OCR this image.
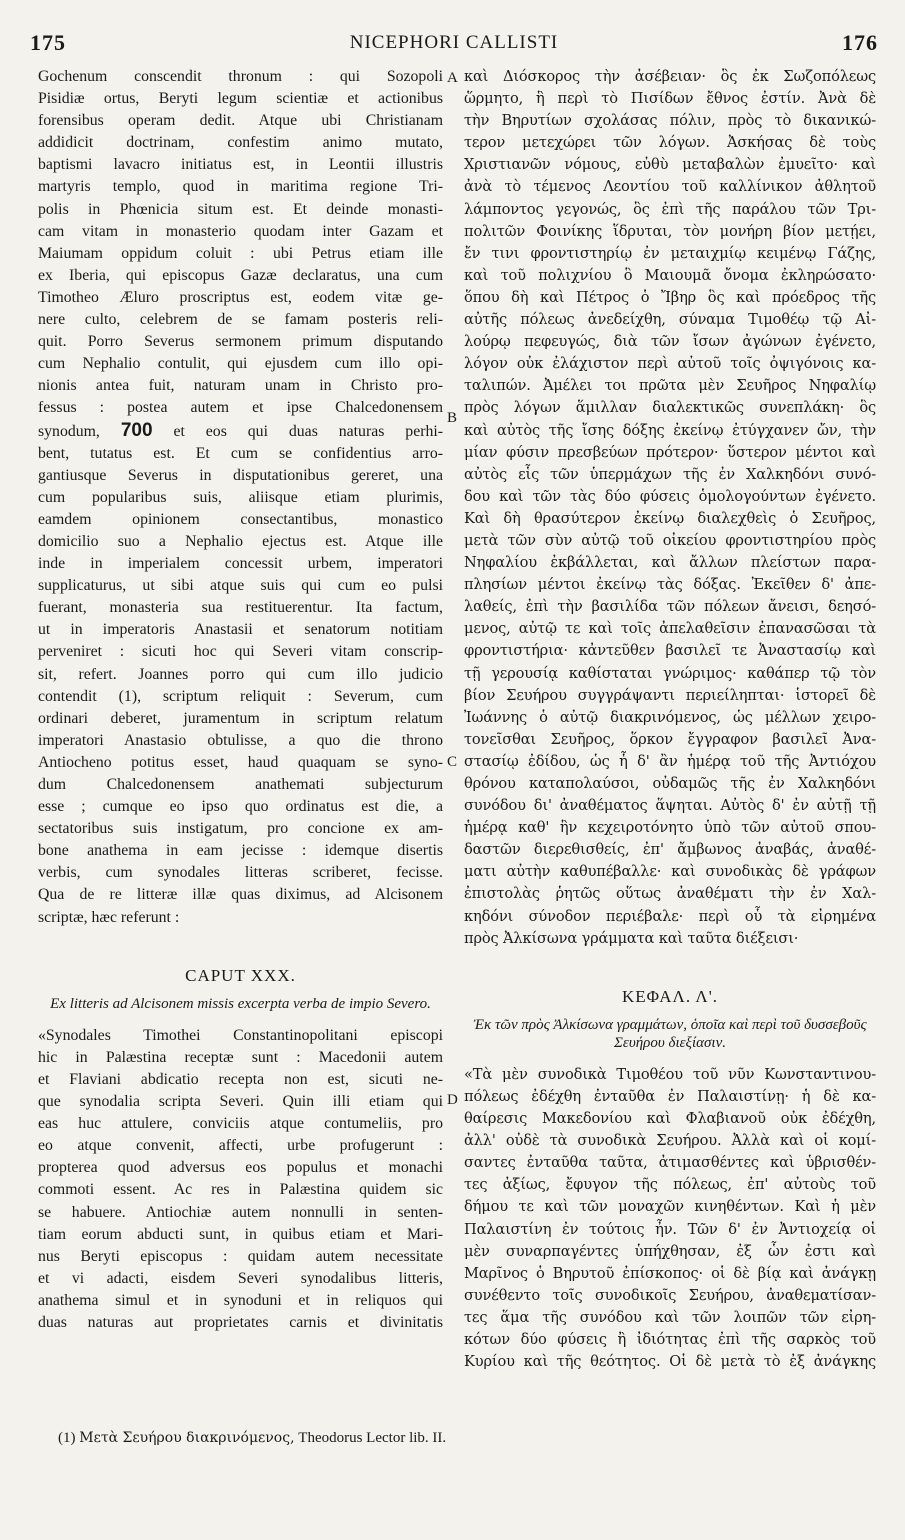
175	NICEPHORI CALLISTI	176

Gochenum conscendit thronum : qui Sozopoli

Pisidiæ ortus, Beryti legum scientiæ et actionibus

forensibus operam dedit. Atque ubi Christianam

addidicit doctrinam, confestim animo mutato,

baptismi lavacro initiatus est, in Leontii illustris

martyris templo, quod in maritima regione Tri-

polis in Phœnicia situm est. Et deinde monasti-

cam vitam in monasterio quodam inter Gazam et

Maiumam oppidum coluit : ubi Petrus etiam ille

ex Iberia, qui episcopus Gazæ declaratus, una cum

Timotheo Æluro proscriptus est, eodem vitæ ge-

nere culto, celebrem de se famam posteris reli-

quit. Porro Severus sermonem primum disputando

cum Nephalio contulit, qui ejusdem cum illo opi-

nionis antea fuit, naturam unam in Christo pro-

fessus : postea autem et ipse Chalcedonensem

synodum, 700 et eos qui duas naturas perhi-

bent, tutatus est. Et cum se confidentius arro-

gantiusque Severus in disputationibus gereret, una

cum popularibus suis, aliisque etiam plurimis,

eamdem opinionem consectantibus, monastico

domicilio suo a Nephalio ejectus est. Atque ille

inde in imperialem concessit urbem, imperatori

supplicaturus, ut sibi atque suis qui cum eo pulsi

fuerant, monasteria sua restituerentur. Ita factum,

ut in imperatoris Anastasii et senatorum notitiam

perveniret : sicuti hoc qui Severi vitam conscrip-

sit, refert. Joannes porro qui cum illo judicio

contendit (1), scriptum reliquit : Severum, cum

ordinari deberet, juramentum in scriptum relatum

imperatori Anastasio obtulisse, a quo die throno

Antiocheno potitus esset, haud quaquam se syno-

dum Chalcedonensem anathemati subjecturum

esse ; cumque eo ipso quo ordinatus est die, a

sectatoribus suis instigatum, pro concione ex am-

bone anathema in eam jecisse : idemque disertis

verbis, cum synodales litteras scriberet, fecisse.

Qua de re litteræ illæ quas diximus, ad Alcisonem

scriptæ, hæc referunt :

CAPUT XXX.
Ex litteris ad Alcisonem missis excerpta verba de impio Severo.

«Synodales Timothei Constantinopolitani episcopi

hic in Palæstina receptæ sunt : Macedonii autem

et Flaviani abdicatio recepta non est, sicuti ne-

que synodalia scripta Severi. Quin illi etiam qui

eas huc attulere, conviciis atque contumeliis, pro

eo atque convenit, affecti, urbe profugerunt :

propterea quod adversus eos populus et monachi

commoti essent. Ac res in Palæstina quidem sic

se habuere. Antiochiæ autem nonnulli in senten-

tiam eorum abducti sunt, in quibus etiam et Mari-

nus Beryti episcopus : quidam autem necessitate

et vi adacti, eisdem Severi synodalibus litteris,

anathema simul et in synoduni et in reliquos qui

duas naturas aut proprietates carnis et divinitatis

καὶ Διόσκορος τὴν ἀσέβειαν· ὃς ἐκ Σωζοπόλεως

ὥρμητο, ἣ περὶ τὸ Πισίδων ἔθνος ἐστίν. Ἀνὰ δὲ

τὴν Βηρυτίων σχολάσας πόλιν, πρὸς τὸ δικανικώ-

τερον μετεχώρει τῶν λόγων. Ἀσκήσας δὲ τοὺς

Χριστιανῶν νόμους, εὐθὺ μεταβαλὼν ἐμυεῖτο· καὶ

ἀνὰ τὸ τέμενος Λεοντίου τοῦ καλλίνικον ἀθλητοῦ

λάμποντος γεγονώς, ὃς ἐπὶ τῆς παράλου τῶν Τρι-

πολιτῶν Φοινίκης ἵδρυται, τὸν μονήρη βίον μετῄει,

ἔν τινι φροντιστηρίῳ ἐν μεταιχμίῳ κειμένῳ Γάζης,

καὶ τοῦ πολιχνίου ὃ Μαιουμᾶ ὄνομα ἐκληρώσατο·

ὅπου δὴ καὶ Πέτρος ὁ Ἴβηρ ὃς καὶ πρόεδρος τῆς

αὐτῆς πόλεως ἀνεδείχθη, σύναμα Τιμοθέῳ τῷ Αἰ-

λούρῳ πεφευγώς, διὰ τῶν ἴσων ἀγώνων ἐγένετο,

λόγον οὐκ ἐλάχιστον περὶ αὐτοῦ τοῖς ὀψιγόνοις κα-

ταλιπών. Ἀμέλει τοι πρῶτα μὲν Σευῆρος Νηφαλίῳ

πρὸς λόγων ἅμιλλαν διαλεκτικῶς συνεπλάκη· ὃς

καὶ αὐτὸς τῆς ἴσης δόξης ἐκείνῳ ἐτύγχανεν ὤν, τὴν

μίαν φύσιν πρεσβεύων πρότερον· ὕστερον μέντοι καὶ

αὐτὸς εἷς τῶν ὑπερμάχων τῆς ἐν Χαλκηδόνι συνό-

δου καὶ τῶν τὰς δύο φύσεις ὁμολογούντων ἐγένετο.

Καὶ δὴ θρασύτερον ἐκείνῳ διαλεχθεὶς ὁ Σευῆρος,

μετὰ τῶν σὺν αὐτῷ τοῦ οἰκείου φροντιστηρίου πρὸς

Νηφαλίου ἐκβάλλεται, καὶ ἄλλων πλείστων παρα-

πλησίων μέντοι ἐκείνῳ τὰς δόξας. Ἐκεῖθεν δ' ἀπε-

λαθείς, ἐπὶ τὴν βασιλίδα τῶν πόλεων ἄνεισι, δεησό-

μενος, αὐτῷ τε καὶ τοῖς ἀπελαθεῖσιν ἐπανασῶσαι τὰ

φροντιστήρια· κἀντεῦθεν βασιλεῖ τε Ἀναστασίῳ καὶ

τῇ γερουσίᾳ καθίσταται γνώριμος· καθάπερ τῷ τὸν

βίον Σευήρου συγγράψαντι περιείληπται· ἱστορεῖ δὲ

Ἰωάννης ὁ αὐτῷ διακρινόμενος, ὡς μέλλων χειρο-

τονεῖσθαι Σευῆρος, ὅρκον ἔγγραφον βασιλεῖ Ἀνα-

στασίῳ ἐδίδου, ὡς ἧ δ' ἂν ἡμέρᾳ τοῦ τῆς Ἀντιόχου

θρόνου καταπολαύσοι, οὐδαμῶς τῆς ἐν Χαλκηδόνι

συνόδου δι' ἀναθέματος ἅψηται. Αὐτὸς δ' ἐν αὐτῇ τῇ

ἡμέρᾳ καθ' ἣν κεχειροτόνητο ὑπὸ τῶν αὐτοῦ σπου-

δαστῶν διερεθισθείς, ἐπ' ἄμβωνος ἀναβάς, ἀναθέ-

ματι αὐτὴν καθυπέβαλλε· καὶ συνοδικὰς δὲ γράφων

ἐπιστολὰς ῥητῶς οὕτως ἀναθέματι τὴν ἐν Χαλ-

κηδόνι σύνοδον περιέβαλε· περὶ οὗ τὰ εἰρημένα

πρὸς Ἀλκίσωνα γράμματα καὶ ταῦτα διέξεισι·

ΚΕΦΑΛ. Λ'.
Ἐκ τῶν πρὸς Ἀλκίσωνα γραμμάτων, ὁποῖα καὶ περὶ τοῦ δυσσεβοῦς Σευήρου διεξίασιν.

«Τὰ μὲν συνοδικὰ Τιμοθέου τοῦ νῦν Κωνσταντινου-

πόλεως ἐδέχθη ἐνταῦθα ἐν Παλαιστίνῃ· ἡ δὲ κα-

θαίρεσις Μακεδονίου καὶ Φλαβιανοῦ οὐκ ἐδέχθη,

ἀλλ' οὐδὲ τὰ συνοδικὰ Σευήρου. Ἀλλὰ καὶ οἱ κομί-

σαντες ἐνταῦθα ταῦτα, ἀτιμασθέντες καὶ ὑβρισθέν-

τες ἀξίως, ἔφυγον τῆς πόλεως, ἐπ' αὐτοὺς τοῦ

δήμου τε καὶ τῶν μοναχῶν κινηθέντων. Καὶ ἡ μὲν

Παλαιστίνη ἐν τούτοις ἦν. Τῶν δ' ἐν Ἀντιοχείᾳ οἱ

μὲν συναρπαγέντες ὑπήχθησαν, ἐξ ὧν ἐστι καὶ

Μαρῖνος ὁ Βηρυτοῦ ἐπίσκοπος· οἱ δὲ βίᾳ καὶ ἀνάγκῃ

συνέθεντο τοῖς συνοδικοῖς Σευήρου, ἀναθεματίσαν-

τες ἅμα τῆς συνόδου καὶ τῶν λοιπῶν τῶν εἰρη-

κότων δύο φύσεις ἢ ἰδιότητας ἐπὶ τῆς σαρκὸς τοῦ

Κυρίου καὶ τῆς θεότητος. Οἱ δὲ μετὰ τὸ ἐξ ἀνάγκης

A
B
C
D
(1) Μετὰ Σευήρου διακρινόμενος, Theodorus Lector lib. II.
